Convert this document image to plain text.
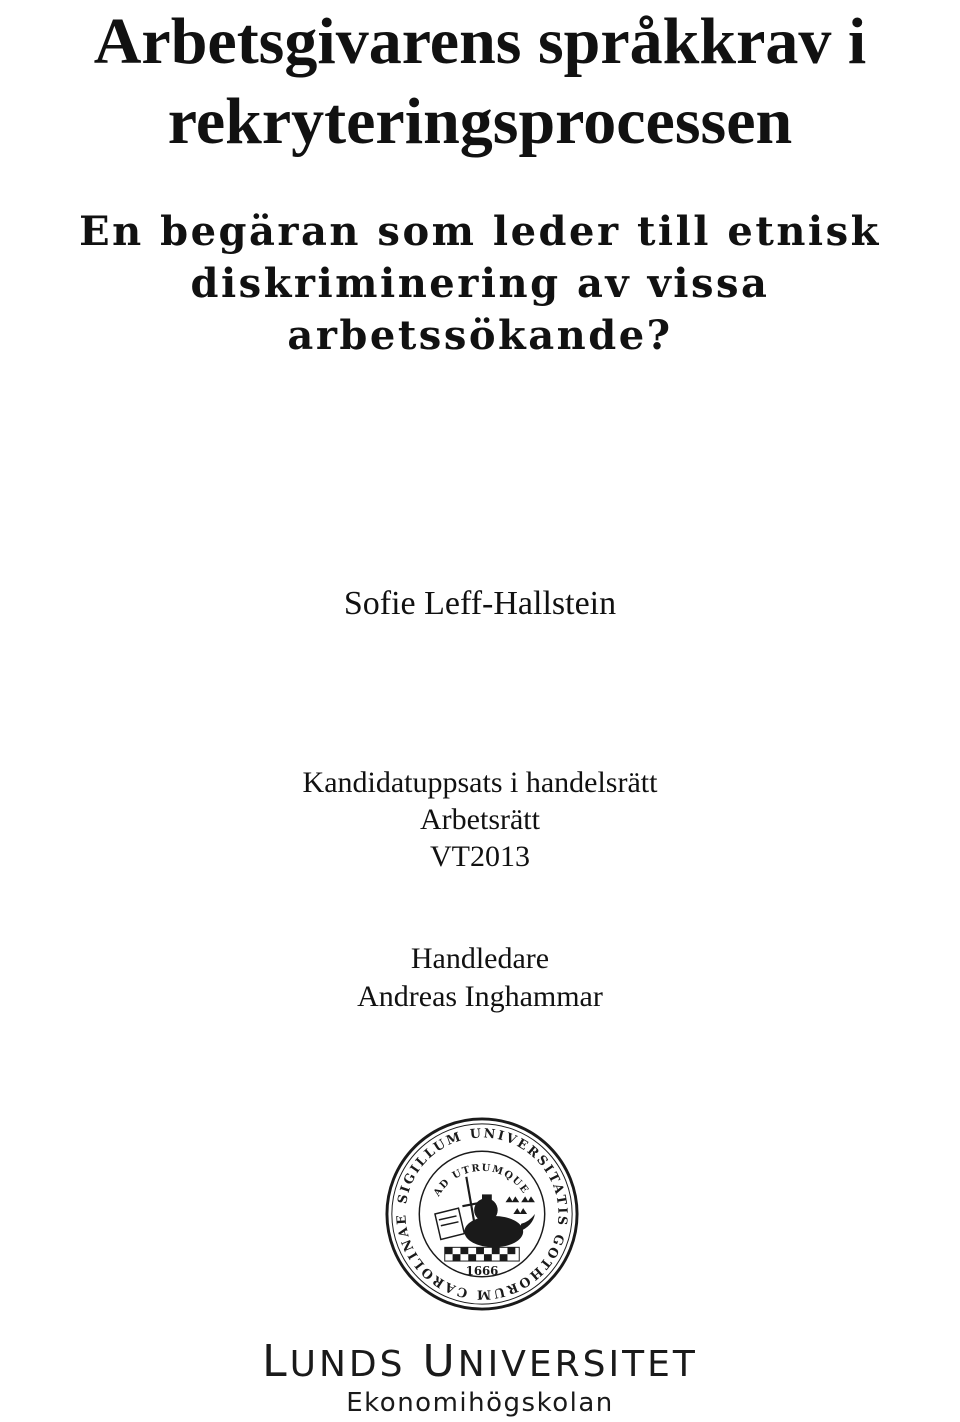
Arbetsgivarens språkkrav i
rekryteringsprocessen
En begäran som leder till etnisk
diskriminering av vissa arbetssökande?
Sofie Leff-Hallstein
Kandidatuppsats i handelsrätt
Arbetsrätt
VT2013
Handledare
Andreas Inghammar
SIGILLUM UNIVERSITATIS GOTHORUM CAROLINAE
AD UTRUMQUE
1666
LUNDS UNIVERSITET
Ekonomihögskolan
